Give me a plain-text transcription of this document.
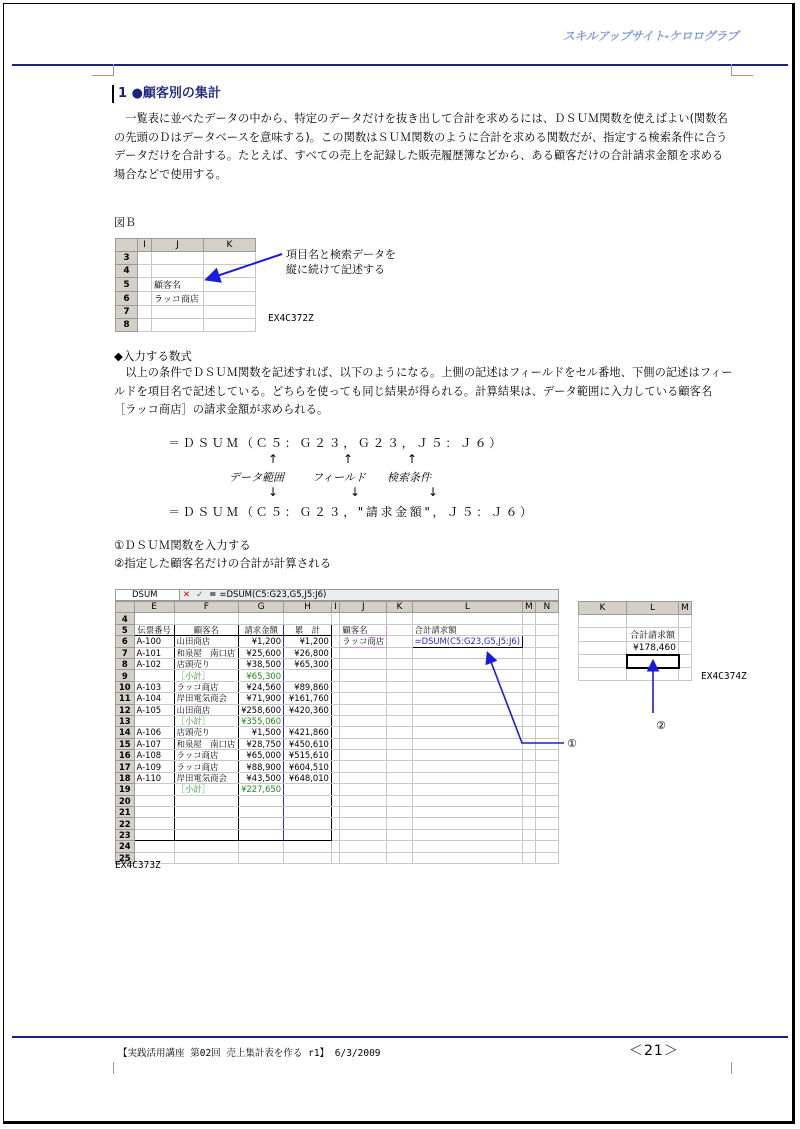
スキルアップサイト-ケロログラブ
1 ●顧客別の集計

一覧表に並べたデータの中から、特定のデータだけを抜き出して合計を求めるには、ＤＳＵＭ関数を使えばよい(関数名の先頭のＤはデータベースを意味する)。この関数はＳＵＭ関数のように合計を求める関数だが、指定する検索条件に合うデータだけを合計する。たとえば、すべての売上を記録した販売履歴簿などから、ある顧客だけの合計請求金額を求める場合などで使用する。

図Ｂ
	I	J	K
3			
4			
5		顧客名	
6		ラッコ商店	
7			
8			
項目名と検索データを
縦に続けて記述する
EX4C372Z
◆入力する数式

以上の条件でＤＳＵＭ関数を記述すれば、以下のようになる。上側の記述はフィールドをセル番地、下側の記述はフィールドを項目名で記述している。どちらを使っても同じ結果が得られる。計算結果は、データ範囲に入力している顧客名［ラッコ商店］の請求金額が求められる。

＝ＤＳＵＭ（Ｃ５：Ｇ２３，Ｇ２３，Ｊ５：Ｊ６）
↑	↑	↑
データ範囲	フィールド 検索条件
↓	↓	↓
＝ＤＳＵＭ（Ｃ５：Ｇ２３，"請求金額"，Ｊ５：Ｊ６）
①ＤＳＵＭ関数を入力する
②指定した顧客名だけの合計が計算される
DSUM	✕ ✓ = =DSUM(C5:G23,G5,J5:J6)
	E	F	G	H	I	J	K	L	M	N
4										
5	伝票番号	顧客名	請求金額	累　計		顧客名		合計請求額		
6	A-100	山田商店	¥1,200	¥1,200		ラッコ商店		=DSUM(C5:G23,G5,J5:J6)		
7	A-101	和泉屋　南口店	¥25,600	¥26,800						
8	A-102	店頭売り	¥38,500	¥65,300						
9		［小計］	¥65,300							
10	A-103	ラッコ商店	¥24,560	¥89,860						
11	A-104	岸田電気商会	¥71,900	¥161,760						
12	A-105	山田商店	¥258,600	¥420,360						
13		［小計］	¥355,060							
14	A-106	店頭売り	¥1,500	¥421,860						
15	A-107	和泉屋　南口店	¥28,750	¥450,610						
16	A-108	ラッコ商店	¥65,000	¥515,610						
17	A-109	ラッコ商店	¥88,900	¥604,510						
18	A-110	岸田電気商会	¥43,500	¥648,010						
19		［小計］	¥227,650							
20										
21										
22										
23										
24										
25										
K	L	M

	合計請求額	
	¥178,460	

EX4C374Z
EX4C373Z
①
②
【実践活用講座 第02回 売上集計表を作る r1】 6/3/2009	＜21＞
